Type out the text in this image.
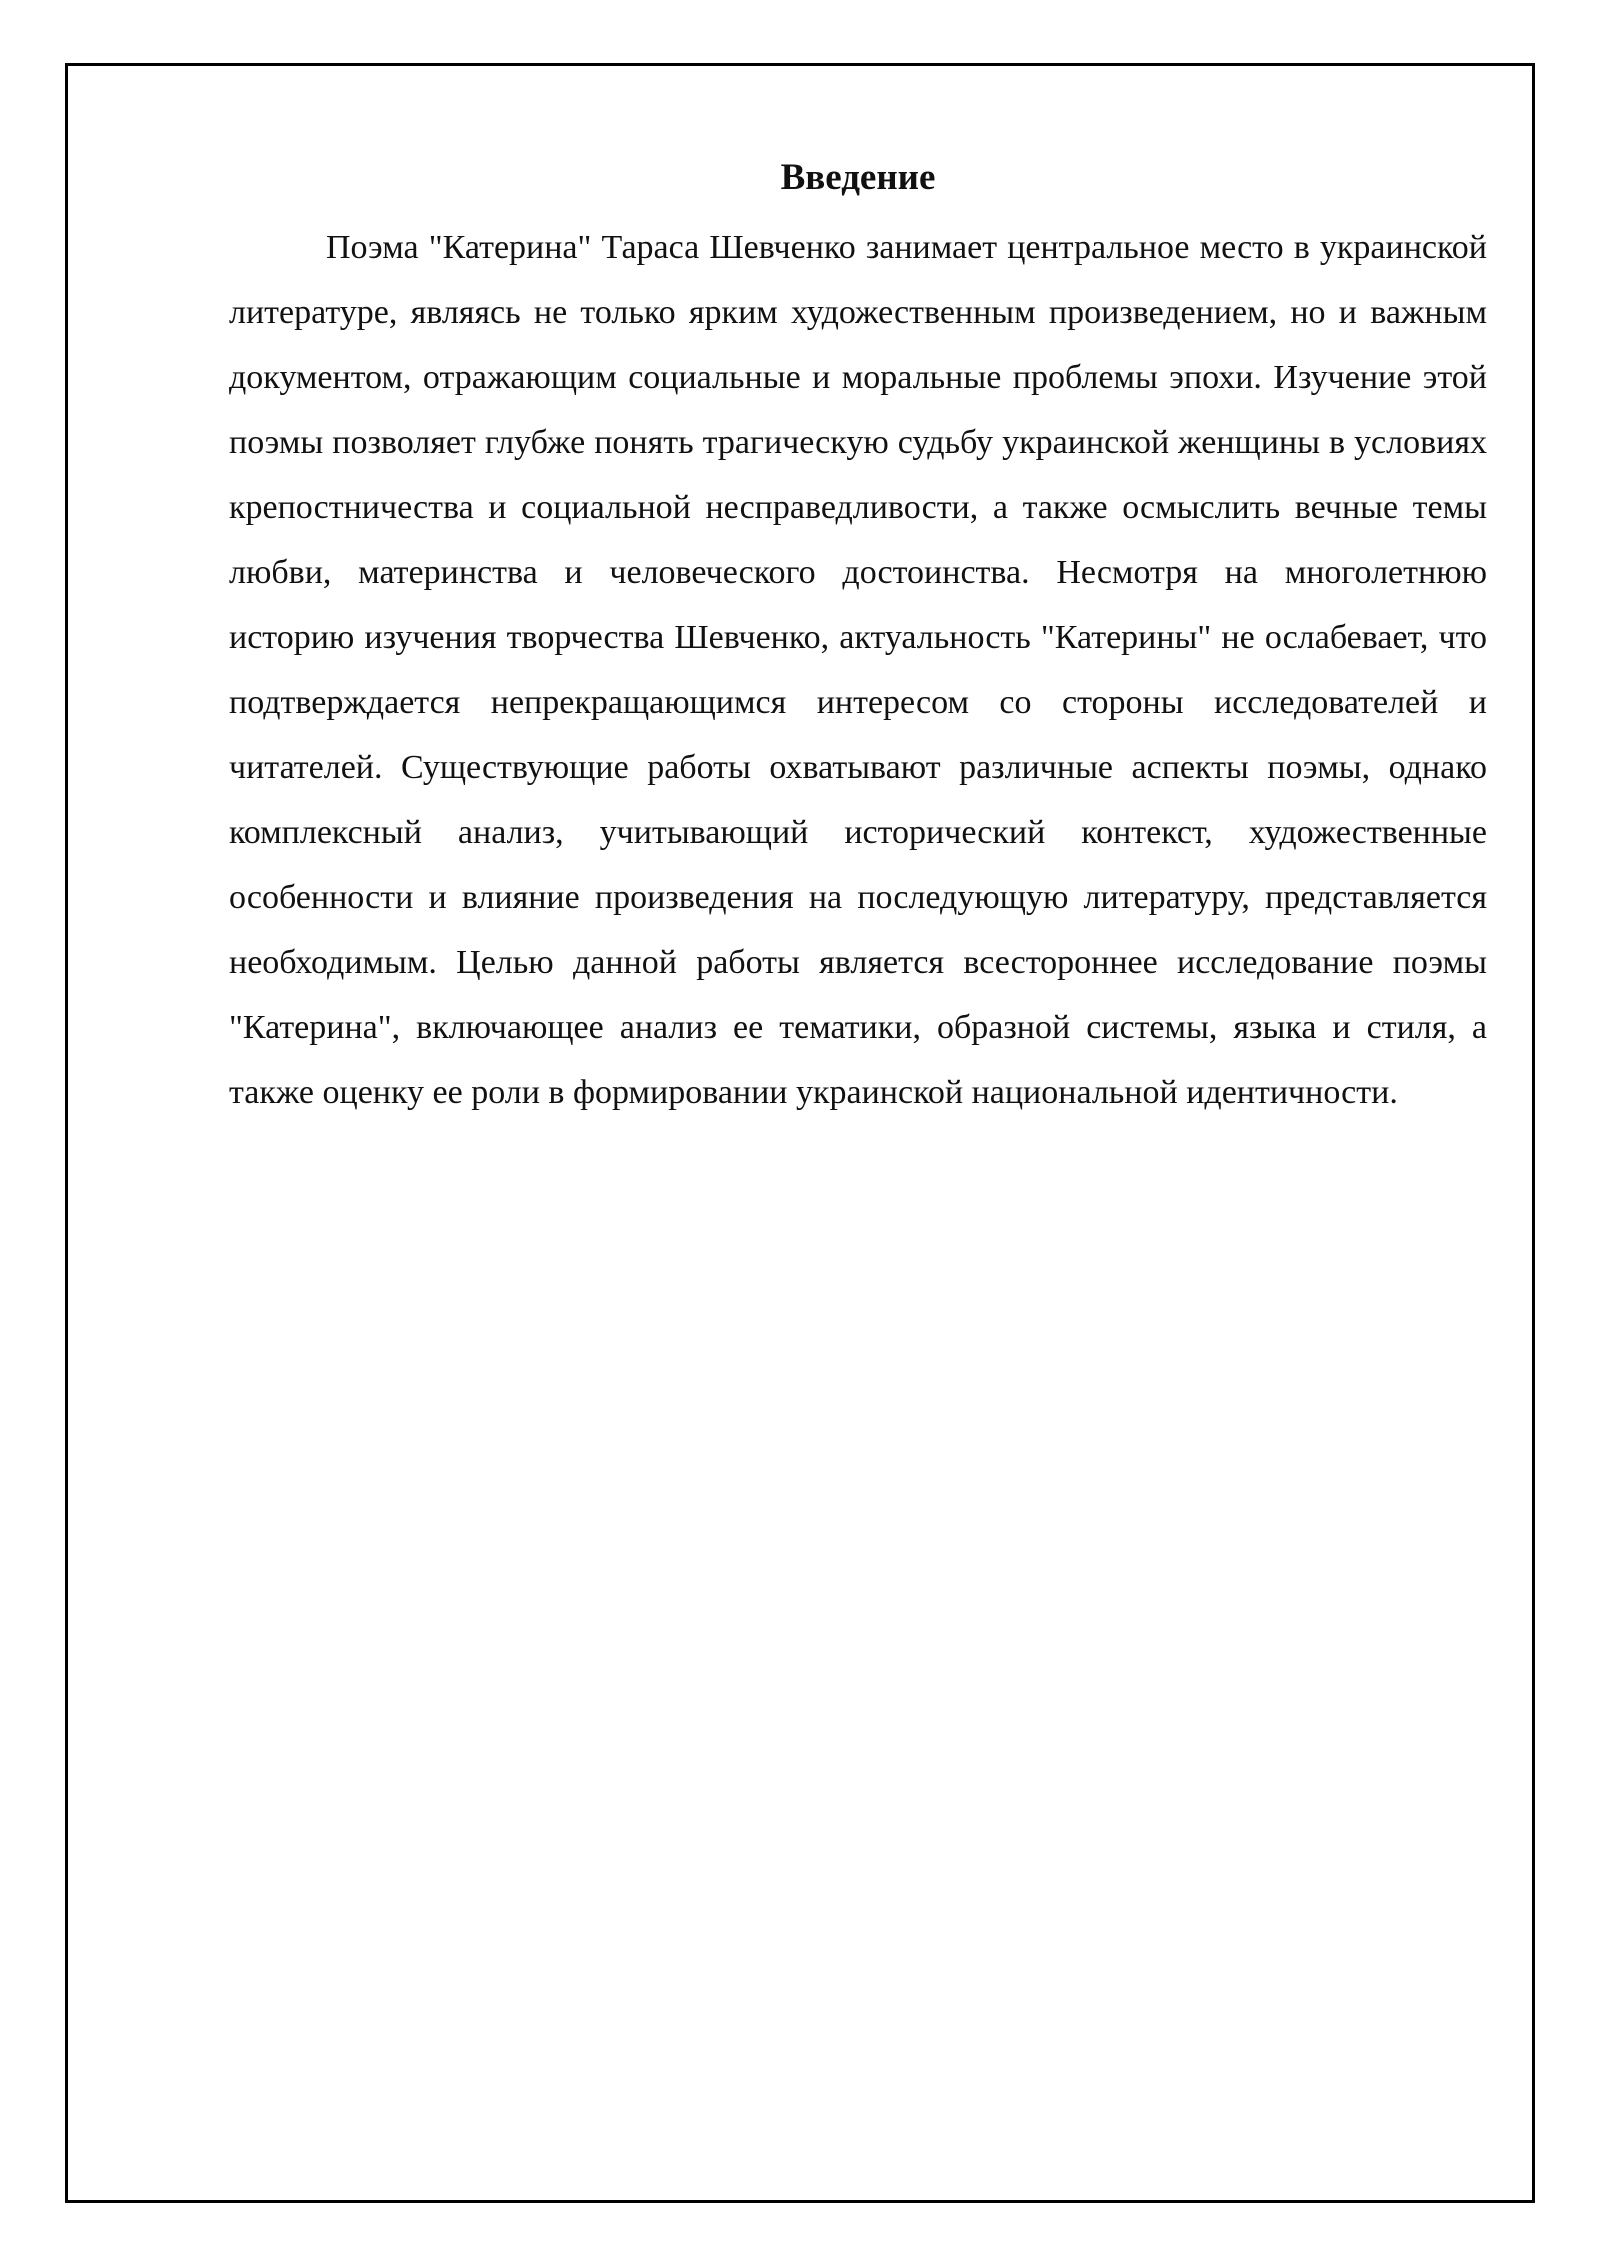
Введение

Поэма "Катерина" Тараса Шевченко занимает центральное место в украинской литературе, являясь не только ярким художественным произведением, но и важным документом, отражающим социальные и моральные проблемы эпохи. Изучение этой поэмы позволяет глубже понять трагическую судьбу украинской женщины в условиях крепостничества и социальной несправедливости, а также осмыслить вечные темы любви, материнства и человеческого достоинства. Несмотря на многолетнюю историю изучения творчества Шевченко, актуальность "Катерины" не ослабевает, что подтверждается непрекращающимся интересом со стороны исследователей и читателей. Существующие работы охватывают различные аспекты поэмы, однако комплексный анализ, учитывающий исторический контекст, художественные особенности и влияние произведения на последующую литературу, представляется необходимым. Целью данной работы является всестороннее исследование поэмы "Катерина", включающее анализ ее тематики, образной системы, языка и стиля, а также оценку ее роли в формировании украинской национальной идентичности.
